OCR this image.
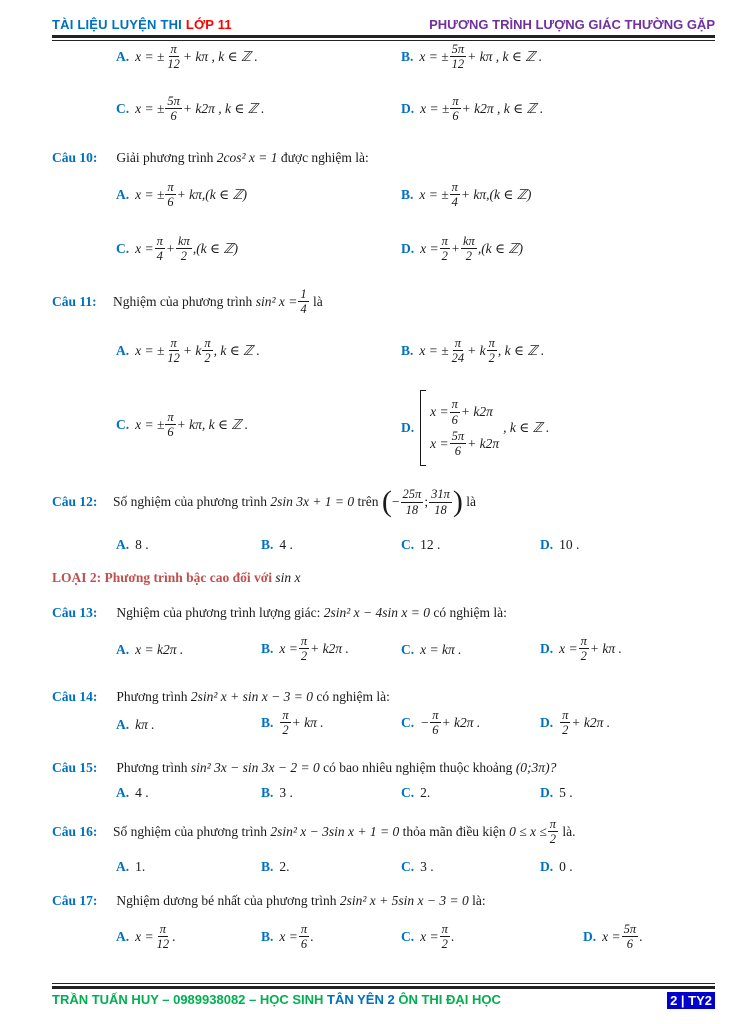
TÀI LIỆU LUYỆN THI LỚP 11	PHƯƠNG TRÌNH LƯỢNG GIÁC THƯỜNG GẶP
A. x = ± $\frac{\pi}{12} + k\pi$ , k ∈ ℤ .	B. x = ± $\frac{5\pi}{12} + k\pi$ , k ∈ ℤ .
C. x = ± $\frac{5\pi}{6} + k2\pi$ , k ∈ ℤ .	D. x = ± $\frac{\pi}{6} + k2\pi$ , k ∈ ℤ .
Câu 10: Giải phương trình 2cos² x = 1 được nghiệm là:
A. x = ± $\frac{\pi}{6} + k\pi,(k$ ∈ ℤ)	B. x = ± $\frac{\pi}{4} + k\pi,(k$ ∈ ℤ)
C. $x = \frac{\pi}{4} + \frac{k\pi}{2} ,(k$ ∈ ℤ)	D. $x = \frac{\pi}{2} + \frac{k\pi}{2} ,(k$ ∈ ℤ)
Câu 11:	Nghiệm của phương trình
sin² $x = \frac{1}{4}$
là
A. x = ± $\frac{\pi}{12} + k \frac{\pi}{2}$ , k ∈ ℤ .	B. x = ± $\frac{\pi}{24} + k \frac{\pi}{2}$ , k ∈ ℤ .
C. x = ± $\frac{\pi}{6} + k\pi$, k ∈ ℤ .	D.
$x = \frac{\pi}{6} + k2\pi$
$x = \frac{5\pi}{6} + k2\pi$
, k ∈ ℤ .
Câu 12:	Số nghiệm của phương trình
2sin 3x + 1 = 0
trên
( − $\frac{25\pi}{18}$ ; $\frac{31\pi}{18}$ )
là
A. 8 .	B. 4 .	C. 12 .	D. 10 .
LOẠI 2: Phương trình bậc cao đối với sin x
Câu 13: Nghiệm của phương trình lượng giác: 2sin² x − 4sin x = 0 có nghiệm là:
A. x = k2π .	B. $x = \frac{\pi}{2} + k2\pi$ .	C. x = kπ .	D. $x = \frac{\pi}{2} + k\pi$ .
Câu 14: Phương trình 2sin² x + sin x − 3 = 0 có nghiệm là:
A. kπ .	B. $\frac{\pi}{2} + k\pi$ .	C. − $\frac{\pi}{6} + k2\pi$ .	D. $\frac{\pi}{2} + k2\pi$ .
Câu 15: Phương trình sin² 3x − sin 3x − 2 = 0 có bao nhiêu nghiệm thuộc khoảng (0;3π)?
A. 4 .	B. 3 .	C. 2.	D. 5 .
Câu 16:	Số nghiệm của phương trình
2sin² x − 3sin x + 1 = 0
thỏa mãn điều kiện
$0 \le x \le \frac{\pi}{2}$
là.
A. 1.	B. 2.	C. 3 .	D. 0 .
Câu 17: Nghiệm dương bé nhất của phương trình 2sin² x + 5sin x − 3 = 0 là:
A. $x = \frac{\pi}{12}$ .	B. $x = \frac{\pi}{6}$ .	C. $x = \frac{\pi}{2}$ .	D. $x = \frac{5\pi}{6}$ .
TRẦN TUẤN HUY – 0989938082 – HỌC SINH TÂN YÊN 2 ÔN THI ĐẠI HỌC	2 | TY2
